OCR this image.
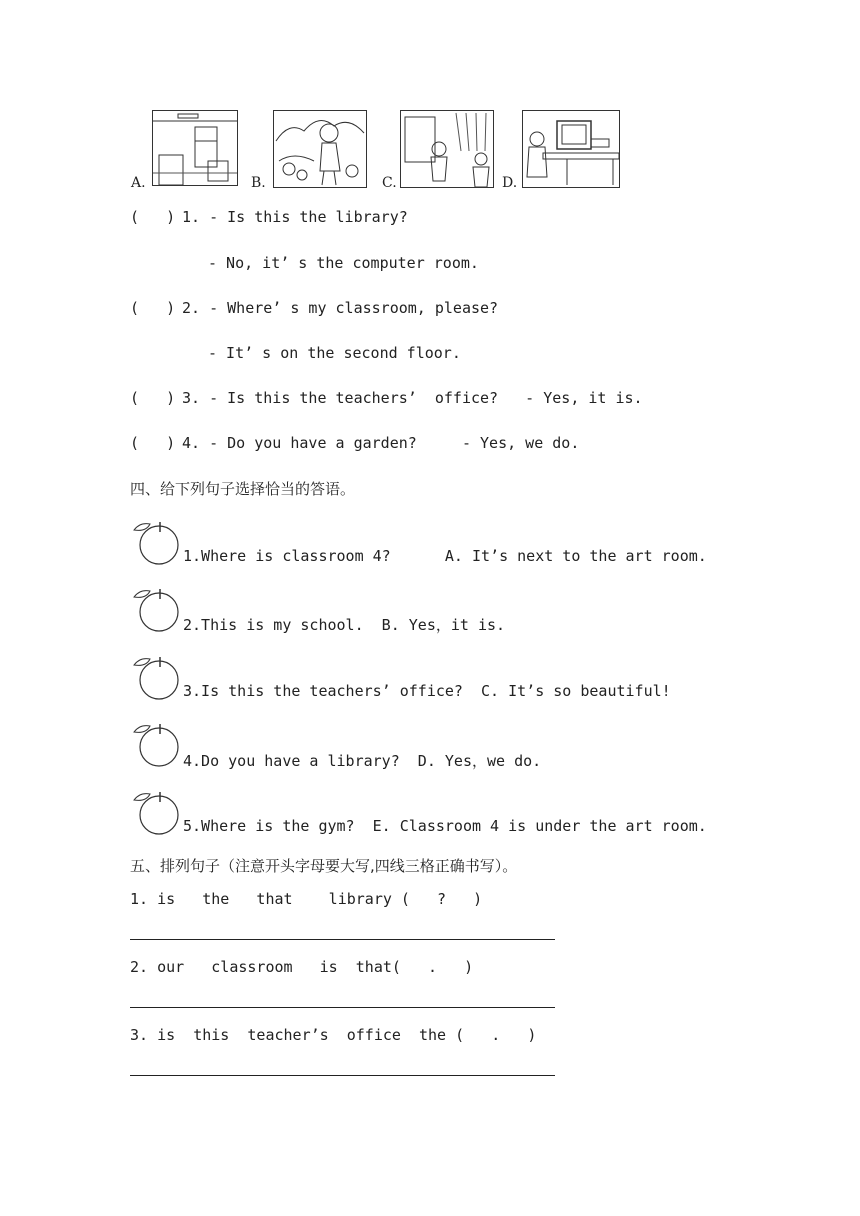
A.	B.	C.	D.
(   ) 1. - Is this the library?
- No, it’ s the computer room.
(   ) 2. - Where’ s my classroom, please?
- It’ s on the second floor.
(   ) 3. - Is this the teachers’  office?   - Yes, it is.
(   ) 4. - Do you have a garden?     - Yes, we do.
四、给下列句子选择恰当的答语。
1.Where is classroom 4?      A. It’s next to the art room.
2.This is my school.  B. Yes，it is.
3.Is this the teachers’ office?  C. It’s so beautiful!
4.Do you have a library?  D. Yes，we do.
5.Where is the gym?  E. Classroom 4 is under the art room.
五、排列句子（注意开头字母要大写,四线三格正确书写）。
1. is   the   that    library (   ?   )
2. our   classroom   is  that(   .   )
3. is  this  teacher’s  office  the (   .   )
